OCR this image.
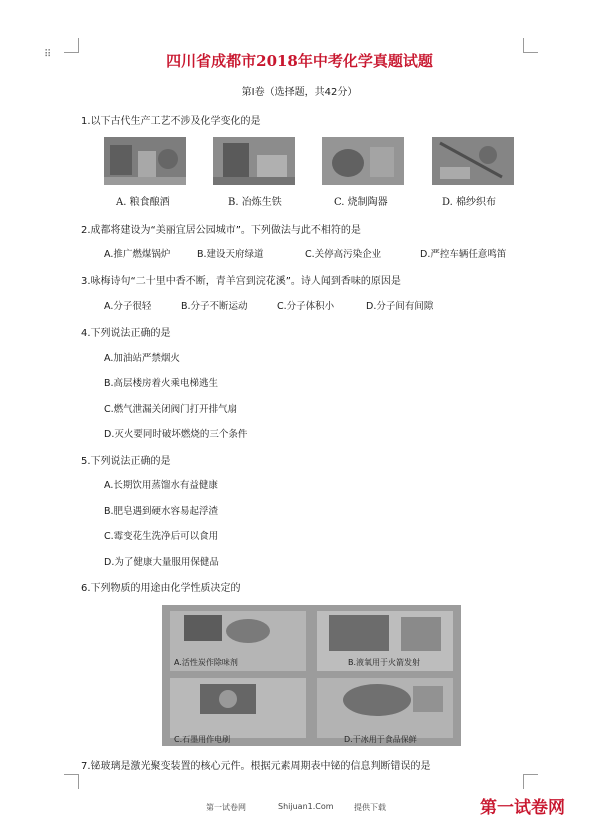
⠿	四川省成都市2018年中考化学真题试题
第Ⅰ卷（选择题，共42分）
1.以下古代生产工艺不涉及化学变化的是
A. 粮食酿酒	B. 冶炼生铁	C. 烧制陶器	D. 棉纱织布
2.成都将建设为“美丽宜居公园城市”。下列做法与此不相符的是
A.推广燃煤锅炉	B.建设天府绿道	C.关停高污染企业	D.严控车辆任意鸣笛
3.咏梅诗句“二十里中香不断，青羊宫到浣花溪”。诗人闻到香味的原因是
A.分子很轻	B.分子不断运动	C.分子体积小	D.分子间有间隙
4.下列说法正确的是
A.加油站严禁烟火
B.高层楼房着火乘电梯逃生
C.燃气泄漏关闭阀门打开排气扇
D.灭火要同时破坏燃烧的三个条件
5.下列说法正确的是
A.长期饮用蒸馏水有益健康
B.肥皂遇到硬水容易起浮渣
C.霉变花生洗净后可以食用
D.为了健康大量服用保健品
6.下列物质的用途由化学性质决定的
A.活性炭作除味剂	B.液氧用于火箭发射
C.石墨用作电刷	D.干冰用于食品保鲜
7.铋玻璃是激光聚变装置的核心元件。根据元素周期表中铋的信息判断错误的是
第一试卷网	Shijuan1.Com	提供下载	第一试卷网
